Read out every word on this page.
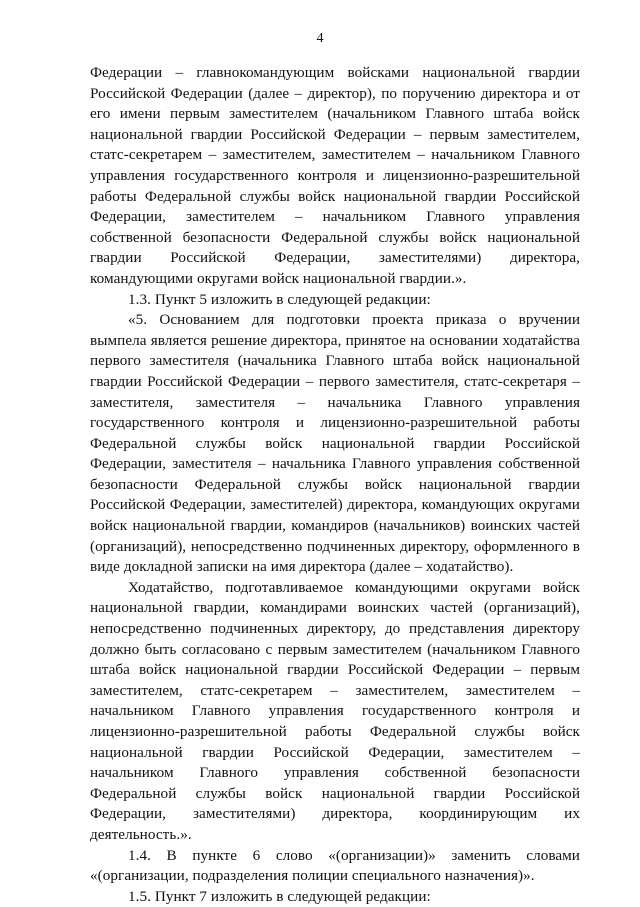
4

Федерации – главнокомандующим войсками национальной гвардии Российской Федерации (далее – директор), по поручению директора и от его имени первым заместителем (начальником Главного штаба войск национальной гвардии Российской Федерации – первым заместителем, статс-секретарем – заместителем, заместителем – начальником Главного управления государственного контроля и лицензионно-разрешительной работы Федеральной службы войск национальной гвардии Российской Федерации, заместителем – начальником Главного управления собственной безопасности Федеральной службы войск национальной гвардии Российской Федерации, заместителями) директора, командующими округами войск национальной гвардии.».

1.3. Пункт 5 изложить в следующей редакции:

«5. Основанием для подготовки проекта приказа о вручении вымпела является решение директора, принятое на основании ходатайства первого заместителя (начальника Главного штаба войск национальной гвардии Российской Федерации – первого заместителя, статс-секретаря – заместителя, заместителя – начальника Главного управления государственного контроля и лицензионно-разрешительной работы Федеральной службы войск национальной гвардии Российской Федерации, заместителя – начальника Главного управления собственной безопасности Федеральной службы войск национальной гвардии Российской Федерации, заместителей) директора, командующих округами войск национальной гвардии, командиров (начальников) воинских частей (организаций), непосредственно подчиненных директору, оформленного в виде докладной записки на имя директора (далее – ходатайство).

Ходатайство, подготавливаемое командующими округами войск национальной гвардии, командирами воинских частей (организаций), непосредственно подчиненных директору, до представления директору должно быть согласовано с первым заместителем (начальником Главного штаба войск национальной гвардии Российской Федерации – первым заместителем, статс-секретарем – заместителем, заместителем – начальником Главного управления государственного контроля и лицензионно-разрешительной работы Федеральной службы войск национальной гвардии Российской Федерации, заместителем – начальником Главного управления собственной безопасности Федеральной службы войск национальной гвардии Российской Федерации, заместителями) директора, координирующим их деятельность.».

1.4. В пункте 6 слово «(организации)» заменить словами «(организации, подразделения полиции специального назначения)».

1.5. Пункт 7 изложить в следующей редакции:
